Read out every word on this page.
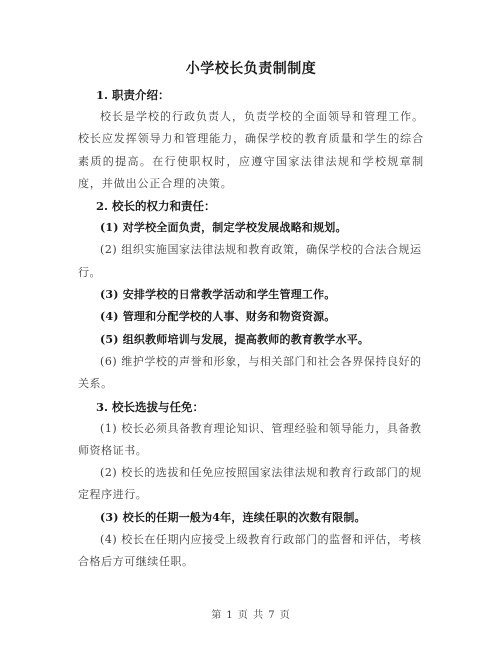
小学校长负责制制度
1. 职责介绍：
校长是学校的行政负责人，负责学校的全面领导和管理工作。校长应发挥领导力和管理能力，确保学校的教育质量和学生的综合素质的提高。在行使职权时，应遵守国家法律法规和学校规章制度，并做出公正合理的决策。
2. 校长的权力和责任：
(1) 对学校全面负责，制定学校发展战略和规划。
(2) 组织实施国家法律法规和教育政策，确保学校的合法合规运行。
(3) 安排学校的日常教学活动和学生管理工作。
(4) 管理和分配学校的人事、财务和物资资源。
(5) 组织教师培训与发展，提高教师的教育教学水平。
(6) 维护学校的声誉和形象，与相关部门和社会各界保持良好的关系。
3. 校长选拔与任免：
(1) 校长必须具备教育理论知识、管理经验和领导能力，具备教师资格证书。
(2) 校长的选拔和任免应按照国家法律法规和教育行政部门的规定程序进行。
(3) 校长的任期一般为4年，连续任职的次数有限制。
(4) 校长在任期内应接受上级教育行政部门的监督和评估，考核合格后方可继续任职。
第 1 页 共 7 页
